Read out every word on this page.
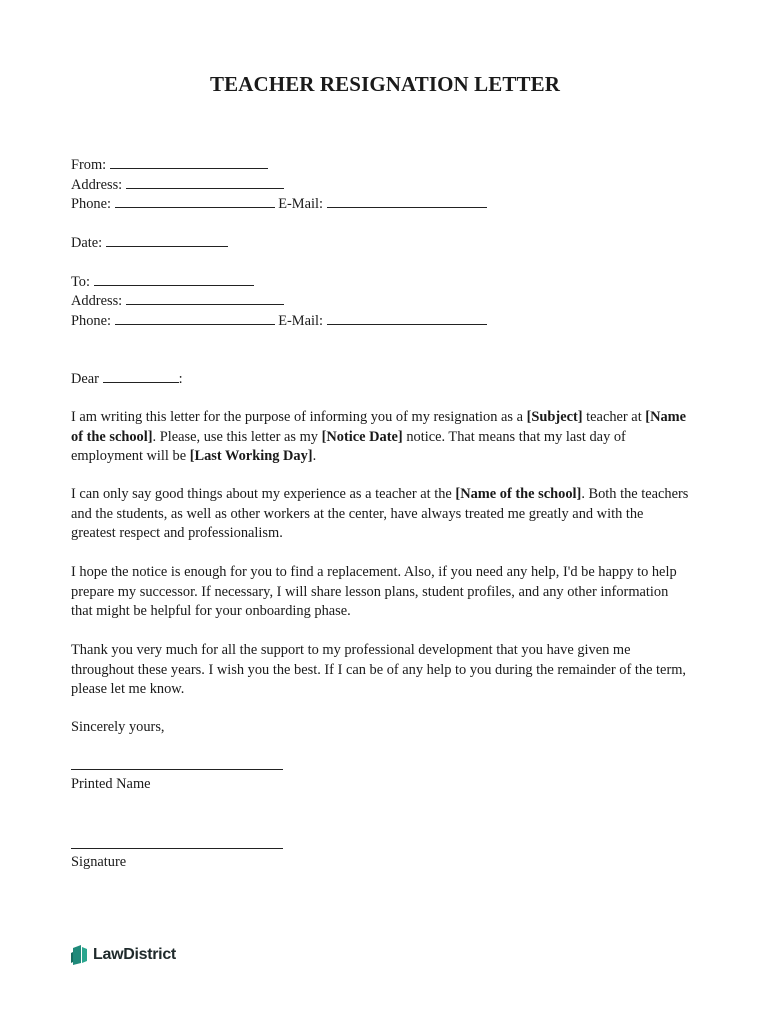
TEACHER RESIGNATION LETTER
From:
Address:
Phone:	E-Mail:
Date:
To:
Address:
Phone:	E-Mail:
Dear	:
I am writing this letter for the purpose of informing you of my resignation as a [Subject] teacher at [Name of the school]. Please, use this letter as my [Notice Date] notice. That means that my last day of employment will be [Last Working Day].
I can only say good things about my experience as a teacher at the [Name of the school]. Both the teachers and the students, as well as other workers at the center, have always treated me greatly and with the greatest respect and professionalism.
I hope the notice is enough for you to find a replacement. Also, if you need any help, I'd be happy to help prepare my successor. If necessary, I will share lesson plans, student profiles, and any other information that might be helpful for your onboarding phase.
Thank you very much for all the support to my professional development that you have given me throughout these years. I wish you the best. If I can be of any help to you during the remainder of the term, please let me know.
Sincerely yours,
Printed Name
Signature
LawDistrict
